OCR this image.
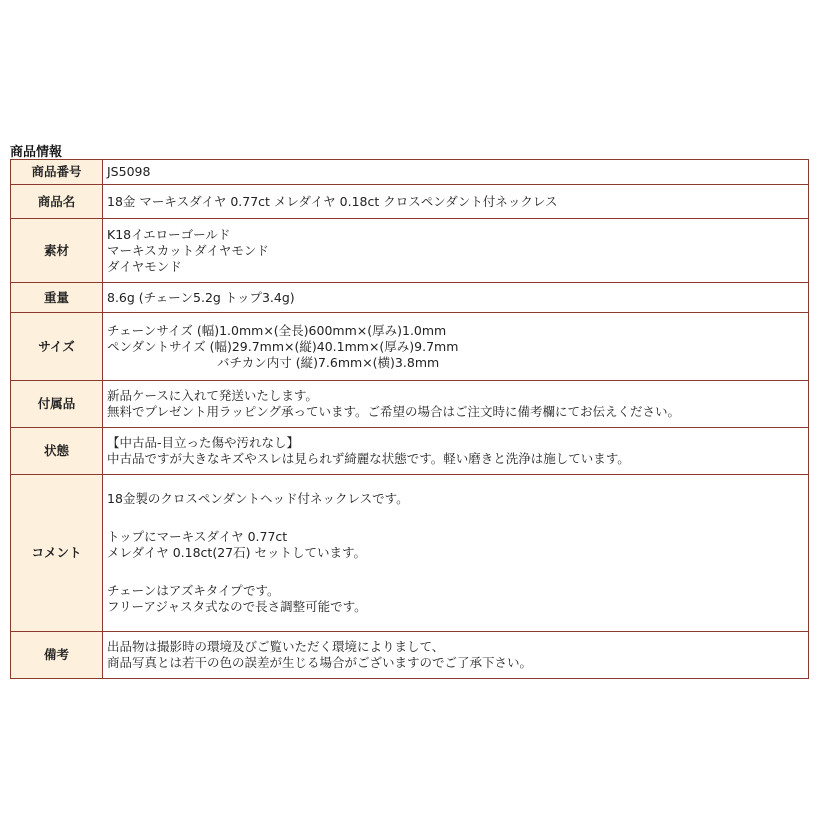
商品情報
商品番号	JS5098

商品名	18金 マーキスダイヤ 0.77ct メレダイヤ 0.18ct クロスペンダント付ネックレス

素材	K18イエローゴールド
マーキスカットダイヤモンド
ダイヤモンド

重量	8.6g (チェーン5.2g トップ3.4g)

サイズ	チェーンサイズ (幅)1.0mm×(全長)600mm×(厚み)1.0mm
ペンダントサイズ (幅)29.7mm×(縦)40.1mm×(厚み)9.7mm
バチカン内寸 (縦)7.6mm×(横)3.8mm

付属品	新品ケースに入れて発送いたします。
無料でプレゼント用ラッピング承っています。ご希望の場合はご注文時に備考欄にてお伝えください。

状態	【中古品-目立った傷や汚れなし】
中古品ですが大きなキズやスレは見られず綺麗な状態です。軽い磨きと洗浄は施しています。

コメント	18金製のクロスペンダントヘッド付ネックレスです。
トップにマーキスダイヤ 0.77ct
メレダイヤ 0.18ct(27石) セットしています。
チェーンはアズキタイプです。
フリーアジャスタ式なので長さ調整可能です。

備考	出品物は撮影時の環境及びご覧いただく環境によりまして、
商品写真とは若干の色の誤差が生じる場合がございますのでご了承下さい。
